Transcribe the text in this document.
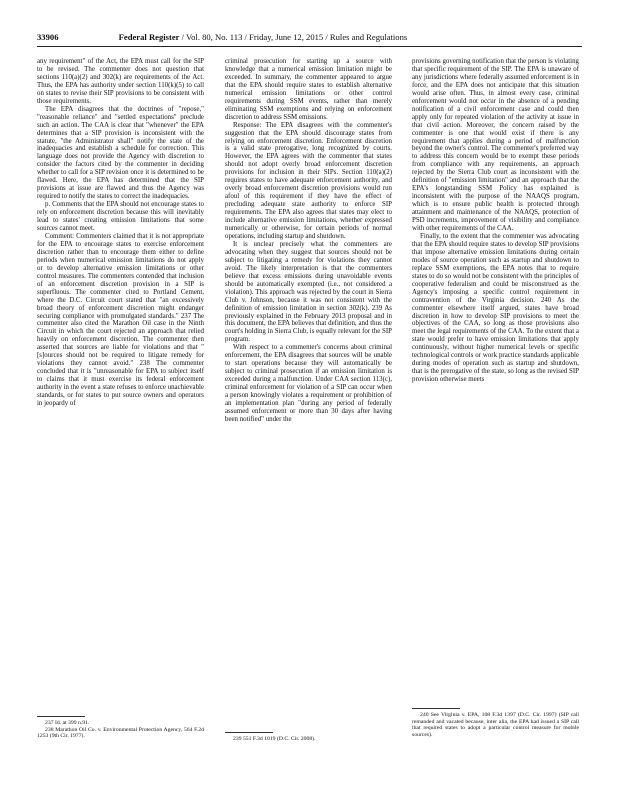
33906	Federal Register / Vol. 80, No. 113 / Friday, June 12, 2015 / Rules and Regulations

any requirement" of the Act, the EPA must call for the SIP to be revised. The commenter does not question that sections 110(a)(2) and 302(k) are requirements of the Act. Thus, the EPA has authority under section 110(k)(5) to call on states to revise their SIP provisions to be consistent with those requirements.

The EPA disagrees that the doctrines of "repose," "reasonable reliance" and "settled expectations" preclude such an action. The CAA is clear that "whenever" the EPA determines that a SIP provision is inconsistent with the statute, "the Administrator shall" notify the state of the inadequacies and establish a schedule for correction. This language does not provide the Agency with discretion to consider the factors cited by the commenter in deciding whether to call for a SIP revision once it is determined to be flawed. Here, the EPA has determined that the SIP provisions at issue are flawed and thus the Agency was required to notify the states to correct the inadequacies.

p. Comments that the EPA should not encourage states to rely on enforcement discretion because this will inevitably lead to states' creating emission limitations that some sources cannot meet.

Comment: Commenters claimed that it is not appropriate for the EPA to encourage states to exercise enforcement discretion rather than to encourage them either to define periods when numerical emission limitations do not apply or to develop alternative emission limitations or other control measures. The commenters contended that inclusion of an enforcement discretion provision in a SIP is superfluous. The commenter cited to Portland Cement, where the D.C. Circuit court stated that "an excessively broad theory of enforcement discretion might endanger securing compliance with promulgated standards." 237 The commenter also cited the Marathon Oil case in the Ninth Circuit in which the court rejected an approach that relied heavily on enforcement discretion. The commenter then asserted that sources are liable for violations and that "[s]ources should not be required to litigate remedy for violations they cannot avoid." 238 The commenter concluded that it is "unreasonable for EPA to subject itself to claims that it must exercise its federal enforcement authority in the event a state refuses to enforce unachievable standards, or for states to put source owners and operators in jeopardy of

criminal prosecution for starting up a source with knowledge that a numerical emission limitation might be exceeded. In summary, the commenter appeared to argue that the EPA should require states to establish alternative numerical emission limitations or other control requirements during SSM events, rather than merely eliminating SSM exemptions and relying on enforcement discretion to address SSM emissions.

Response: The EPA disagrees with the commenter's suggestion that the EPA should discourage states from relying on enforcement discretion. Enforcement discretion is a valid state prerogative, long recognized by courts. However, the EPA agrees with the commenter that states should not adopt overly broad enforcement discretion provisions for inclusion in their SIPs. Section 110(a)(2) requires states to have adequate enforcement authority, and overly broad enforcement discretion provisions would run afoul of this requirement if they have the effect of precluding adequate state authority to enforce SIP requirements. The EPA also agrees that states may elect to include alternative emission limitations, whether expressed numerically or otherwise, for certain periods of normal operations, including startup and shutdown.

It is unclear precisely what the commenters are advocating when they suggest that sources should not be subject to litigating a remedy for violations they cannot avoid. The likely interpretation is that the commenters believe that excess emissions during unavoidable events should be automatically exempted (i.e., not considered a violation). This approach was rejected by the court in Sierra Club v. Johnson, because it was not consistent with the definition of emission limitation in section 302(k). 239 As previously explained in the February 2013 proposal and in this document, the EPA believes that definition, and thus the court's holding in Sierra Club, is equally relevant for the SIP program.

With respect to a commenter's concerns about criminal enforcement, the EPA disagrees that sources will be unable to start operations because they will automatically be subject to criminal prosecution if an emission limitation is exceeded during a malfunction. Under CAA section 113(c), criminal enforcement for violation of a SIP can occur when a person knowingly violates a requirement or prohibition of an implementation plan "during any period of federally assumed enforcement or more than 30 days after having been notified" under the

provisions governing notification that the person is violating that specific requirement of the SIP. The EPA is unaware of any jurisdictions where federally assumed enforcement is in force, and the EPA does not anticipate that this situation would arise often. Thus, in almost every case, criminal enforcement would not occur in the absence of a pending notification of a civil enforcement case and could then apply only for repeated violation of the activity at issue in that civil action. Moreover, the concern raised by the commenter is one that would exist if there is any requirement that applies during a period of malfunction beyond the owner's control. The commenter's preferred way to address this concern would be to exempt these periods from compliance with any requirements, an approach rejected by the Sierra Club court as inconsistent with the definition of "emission limitation" and an approach that the EPA's longstanding SSM Policy has explained is inconsistent with the purpose of the NAAQS program, which is to ensure public health is protected through attainment and maintenance of the NAAQS, protection of PSD increments, improvement of visibility and compliance with other requirements of the CAA.

Finally, to the extent that the commenter was advocating that the EPA should require states to develop SIP provisions that impose alternative emission limitations during certain modes of source operation such as startup and shutdown to replace SSM exemptions, the EPA notes that to require states to do so would not be consistent with the principles of cooperative federalism and could be misconstrued as the Agency's imposing a specific control requirement in contravention of the Virginia decision. 240 As the commenter elsewhere itself argued, states have broad discretion in how to develop SIP provisions to meet the objectives of the CAA, so long as those provisions also meet the legal requirements of the CAA. To the extent that a state would prefer to have emission limitations that apply continuously, without higher numerical levels or specific technological controls or work practice standards applicable during modes of operation such as startup and shutdown, that is the prerogative of the state, so long as the revised SIP provision otherwise meets

237 Id. at 399 n.91.

238 Marathon Oil Co. v. Environmental Protection Agency, 564 F.2d 1253 (9th Cir. 1977).	239 551 F.3d 1019 (D.C. Cir. 2008).

240 See Virginia v. EPA, 108 F.3d 1397 (D.C. Cir. 1997) (SIP call remanded and vacated because, inter alia, the EPA had issued a SIP call that required states to adopt a particular control measure for mobile sources).
